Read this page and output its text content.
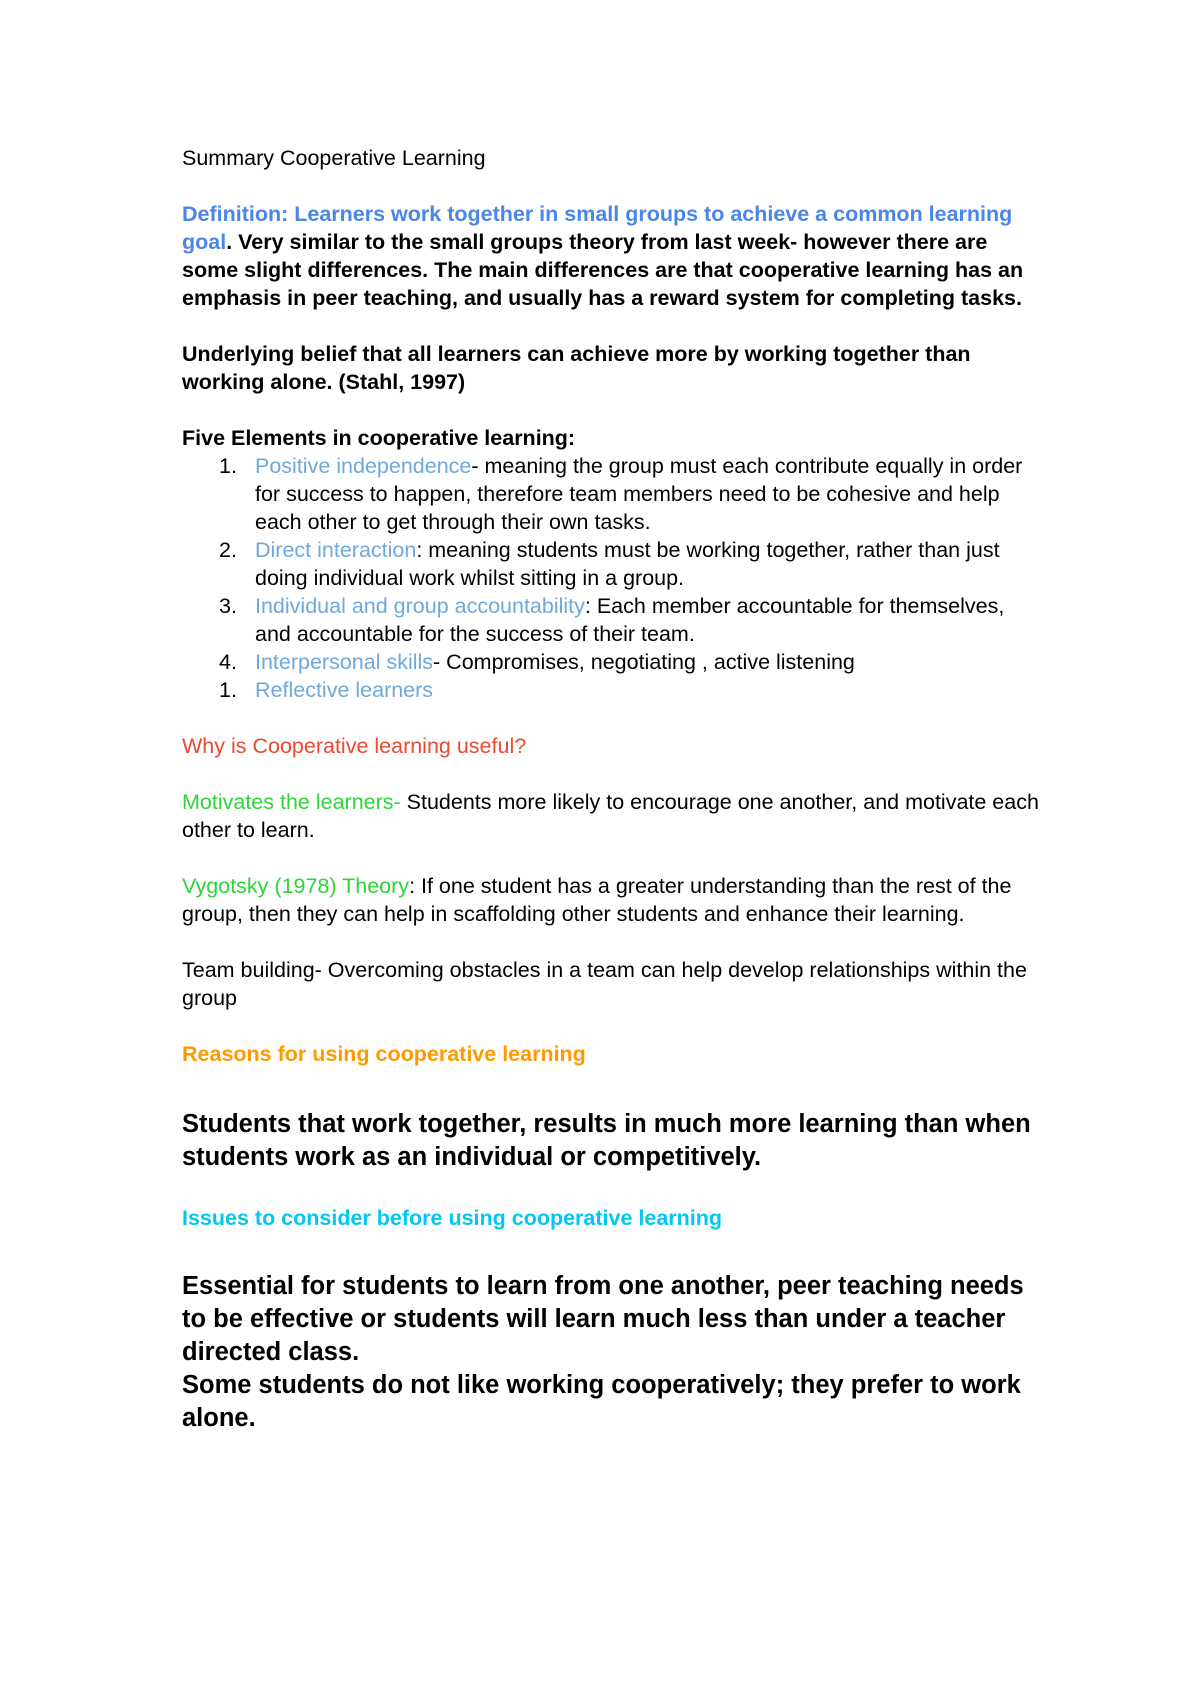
Summary Cooperative Learning

Definition: Learners work together in small groups to achieve a common learning goal. Very similar to the small groups theory from last week- however there are some slight differences. The main differences are that cooperative learning has an emphasis in peer teaching, and usually has a reward system for completing tasks.

Underlying belief that all learners can achieve more by working together than working alone. (Stahl, 1997)

Five Elements in cooperative learning:

1. Positive independence- meaning the group must each contribute equally in order for success to happen, therefore team members need to be cohesive and help each other to get through their own tasks.
2. Direct interaction: meaning students must be working together, rather than just doing individual work whilst sitting in a group.
3. Individual and group accountability: Each member accountable for themselves, and accountable for the success of their team.
4. Interpersonal skills- Compromises, negotiating , active listening
1. Reflective learners

Why is Cooperative learning useful?

Motivates the learners- Students more likely to encourage one another, and motivate each other to learn.

Vygotsky (1978) Theory: If one student has a greater understanding than the rest of the group, then they can help in scaffolding other students and enhance their learning.

Team building- Overcoming obstacles in a team can help develop relationships within the group

Reasons for using cooperative learning

Students that work together, results in much more learning than when students work as an individual or competitively.

Issues to consider before using cooperative learning

Essential for students to learn from one another, peer teaching needs to be effective or students will learn much less than under a teacher directed class.

Some students do not like working cooperatively; they prefer to work alone.
